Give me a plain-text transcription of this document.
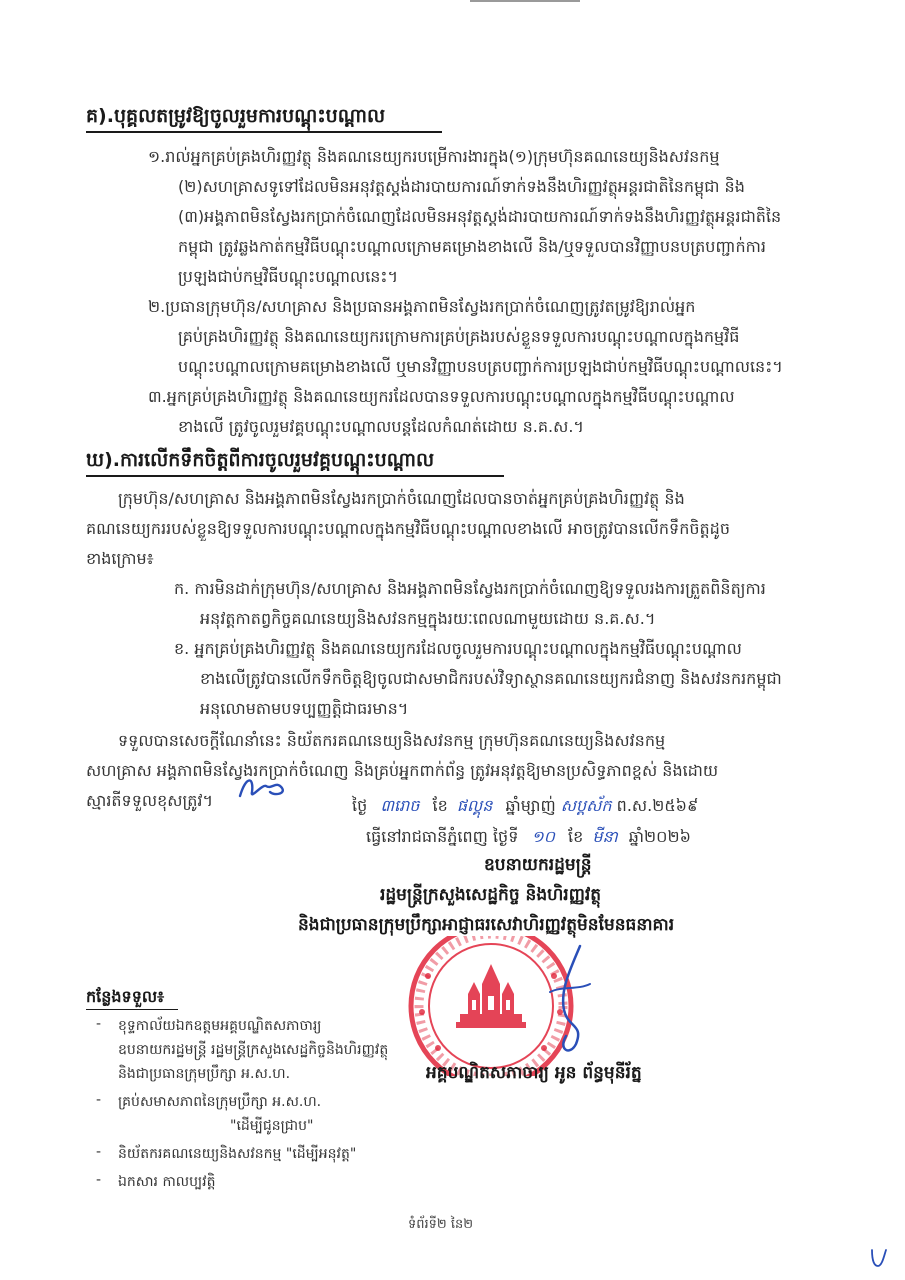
គ).បុគ្គលតម្រូវឱ្យចូលរួមការបណ្តុះបណ្តាល
១.រាល់អ្នកគ្រប់គ្រងហិរញ្ញវត្ថុ និងគណនេយ្យករបម្រើការងារក្នុង(១)ក្រុមហ៊ុនគណនេយ្យនិងសវនកម្ម
(២)សហគ្រាសទូទៅដែលមិនអនុវត្តស្តង់ដារបាយការណ៍ទាក់ទងនឹងហិរញ្ញវត្ថុអន្តរជាតិនៃកម្ពុជា និង
(៣)អង្គភាពមិនស្វែងរកប្រាក់ចំណេញដែលមិនអនុវត្តស្តង់ដារបាយការណ៍ទាក់ទងនឹងហិរញ្ញវត្ថុអន្តរជាតិនៃ
កម្ពុជា ត្រូវឆ្លងកាត់កម្មវិធីបណ្តុះបណ្តាលក្រោមគម្រោងខាងលើ និង/ឬទទួលបានវិញ្ញាបនបត្របញ្ជាក់ការ
ប្រឡងជាប់កម្មវិធីបណ្តុះបណ្តាលនេះ។
២.ប្រធានក្រុមហ៊ុន/សហគ្រាស និងប្រធានអង្គភាពមិនស្វែងរកប្រាក់ចំណេញត្រូវតម្រូវឱ្យរាល់អ្នក
គ្រប់គ្រងហិរញ្ញវត្ថុ និងគណនេយ្យករក្រោមការគ្រប់គ្រងរបស់ខ្លួនទទួលការបណ្តុះបណ្តាលក្នុងកម្មវិធី
បណ្តុះបណ្តាលក្រោមគម្រោងខាងលើ ឬមានវិញ្ញាបនបត្របញ្ជាក់ការប្រឡងជាប់កម្មវិធីបណ្តុះបណ្តាលនេះ។
៣.អ្នកគ្រប់គ្រងហិរញ្ញវត្ថុ និងគណនេយ្យករដែលបានទទួលការបណ្តុះបណ្តាលក្នុងកម្មវិធីបណ្តុះបណ្តាល
ខាងលើ ត្រូវចូលរួមវគ្គបណ្តុះបណ្តាលបន្តដែលកំណត់ដោយ ន.គ.ស.។
ឃ).ការលើកទឹកចិត្តពីការចូលរួមវគ្គបណ្តុះបណ្តាល
ក្រុមហ៊ុន/សហគ្រាស និងអង្គភាពមិនស្វែងរកប្រាក់ចំណេញដែលបានចាត់អ្នកគ្រប់គ្រងហិរញ្ញវត្ថុ និង
គណនេយ្យកររបស់ខ្លួនឱ្យទទួលការបណ្តុះបណ្តាលក្នុងកម្មវិធីបណ្តុះបណ្តាលខាងលើ អាចត្រូវបានលើកទឹកចិត្តដូច
ខាងក្រោម៖
ក. ការមិនដាក់ក្រុមហ៊ុន/សហគ្រាស និងអង្គភាពមិនស្វែងរកប្រាក់ចំណេញឱ្យទទួលរងការត្រួតពិនិត្យការ
អនុវត្តកាតព្វកិច្ចគណនេយ្យនិងសវនកម្មក្នុងរយៈពេលណាមួយដោយ ន.គ.ស.។
ខ. អ្នកគ្រប់គ្រងហិរញ្ញវត្ថុ និងគណនេយ្យករដែលចូលរួមការបណ្តុះបណ្តាលក្នុងកម្មវិធីបណ្តុះបណ្តាល
ខាងលើត្រូវបានលើកទឹកចិត្តឱ្យចូលជាសមាជិករបស់វិទ្យាស្ថានគណនេយ្យករជំនាញ និងសវនករកម្ពុជា
អនុលោមតាមបទប្បញ្ញត្តិជាធរមាន។
ទទួលបានសេចក្តីណែនាំនេះ និយ័តករគណនេយ្យនិងសវនកម្ម ក្រុមហ៊ុនគណនេយ្យនិងសវនកម្ម
សហគ្រាស អង្គភាពមិនស្វែងរកប្រាក់ចំណេញ និងគ្រប់អ្នកពាក់ព័ន្ធ ត្រូវអនុវត្តឱ្យមានប្រសិទ្ធភាពខ្ពស់ និងដោយ
ស្មារតីទទួលខុសត្រូវ។	ថ្ងៃ ៣រោច ខែ ផល្គុន ឆ្នាំម្សាញ់ សប្តស័ក ព.ស.២៥៦៩
ធ្វើនៅរាជធានីភ្នំពេញ ថ្ងៃទី ១០ ខែ មីនា ឆ្នាំ២០២៦
ឧបនាយករដ្ឋមន្ត្រី
រដ្ឋមន្ត្រីក្រសួងសេដ្ឋកិច្ច និងហិរញ្ញវត្ថុ
និងជាប្រធានក្រុមប្រឹក្សាអាជ្ញាធរសេវាហិរញ្ញវត្ថុមិនមែនធនាគារ
អគ្គបណ្ឌិតសភាចារ្យ អូន ព័ន្ធមុនីរ័ត្ន
កន្លែងទទួល៖
- ខុទ្ទកាល័យឯកឧត្តមអគ្គបណ្ឌិតសភាចារ្យ
ឧបនាយករដ្ឋមន្ត្រី រដ្ឋមន្ត្រីក្រសួងសេដ្ឋកិច្ចនិងហិរញ្ញវត្ថុ
និងជាប្រធានក្រុមប្រឹក្សា អ.ស.ហ.
- គ្រប់សមាសភាពនៃក្រុមប្រឹក្សា អ.ស.ហ.
"ដើម្បីជូនជ្រាប"
- និយ័តករគណនេយ្យនិងសវនកម្ម "ដើម្បីអនុវត្ត"
- ឯកសារ កាលប្បវត្តិ
ទំព័រទី២ នៃ២
